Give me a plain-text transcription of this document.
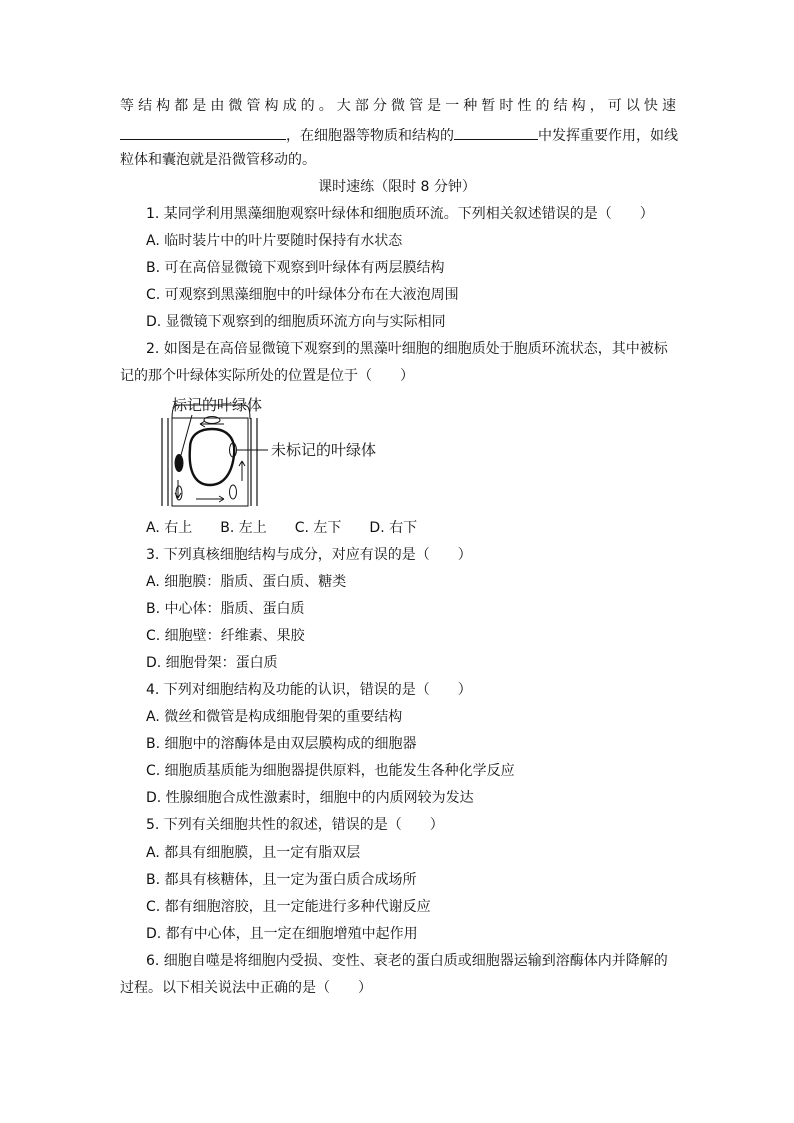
等结构都是由微管构成的。大部分微管是一种暂时性的结构，可以快速
，在细胞器等物质和结构的	中发挥重要作用，如线
粒体和囊泡就是沿微管移动的。
课时速练（限时 8 分钟）
1. 某同学利用黑藻细胞观察叶绿体和细胞质环流。下列相关叙述错误的是（　　）
A. 临时装片中的叶片要随时保持有水状态
B. 可在高倍显微镜下观察到叶绿体有两层膜结构
C. 可观察到黑藻细胞中的叶绿体分布在大液泡周围
D. 显微镜下观察到的细胞质环流方向与实际相同
2. 如图是在高倍显微镜下观察到的黑藻叶细胞的细胞质处于胞质环流状态，其中被标
记的那个叶绿体实际所处的位置是位于（　　）
标记的叶绿体
未标记的叶绿体
A. 右上　　B. 左上　　C. 左下　　D. 右下
3. 下列真核细胞结构与成分，对应有误的是（　　）
A. 细胞膜：脂质、蛋白质、糖类
B. 中心体：脂质、蛋白质
C. 细胞壁：纤维素、果胶
D. 细胞骨架：蛋白质
4. 下列对细胞结构及功能的认识，错误的是（　　）
A. 微丝和微管是构成细胞骨架的重要结构
B. 细胞中的溶酶体是由双层膜构成的细胞器
C. 细胞质基质能为细胞器提供原料，也能发生各种化学反应
D. 性腺细胞合成性激素时，细胞中的内质网较为发达
5. 下列有关细胞共性的叙述，错误的是（　　）
A. 都具有细胞膜，且一定有脂双层
B. 都具有核糖体，且一定为蛋白质合成场所
C. 都有细胞溶胶，且一定能进行多种代谢反应
D. 都有中心体，且一定在细胞增殖中起作用
6. 细胞自噬是将细胞内受损、变性、衰老的蛋白质或细胞器运输到溶酶体内并降解的
过程。以下相关说法中正确的是（　　）
